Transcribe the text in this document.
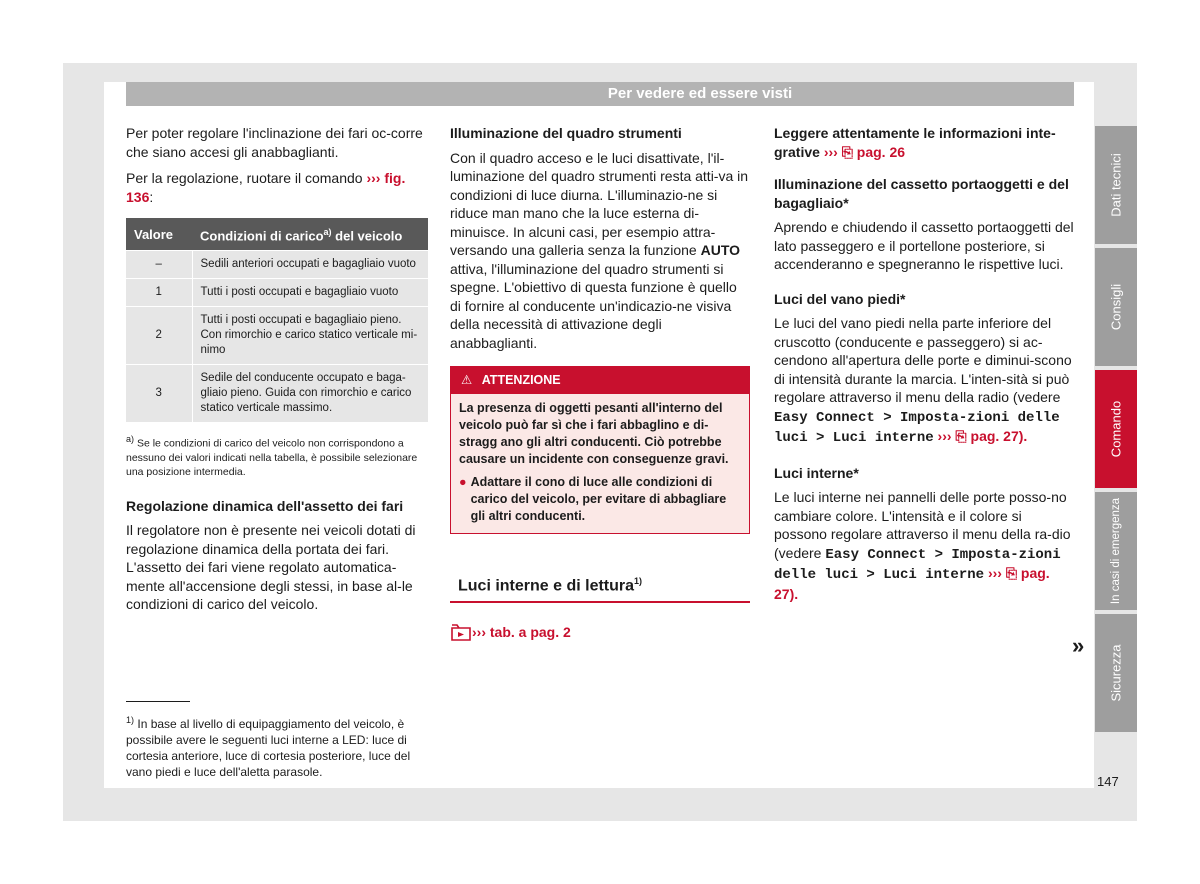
Per vedere ed essere visti

Per poter regolare l'inclinazione dei fari oc-corre che siano accesi gli anabbaglianti.

Per la regolazione, ruotare il comando ››› fig. 136:

Valore	Condizioni di carico$^{a)}$ del veicolo
–	Sedili anteriori occupati e bagagliaio vuoto
1	Tutti i posti occupati e bagagliaio vuoto
2	Tutti i posti occupati e bagagliaio pieno. Con rimorchio e carico statico verticale mi-nimo
3	Sedile del conducente occupato e baga-gliaio pieno. Guida con rimorchio e carico statico verticale massimo.

$^{a)}$ Se le condizioni di carico del veicolo non corrispondono a nessuno dei valori indicati nella tabella, è possibile selezionare una posizione intermedia.

Regolazione dinamica dell'assetto dei fari

Il regolatore non è presente nei veicoli dotati di regolazione dinamica della portata dei fari. L'assetto dei fari viene regolato automatica-mente all'accensione degli stessi, in base al-le condizioni di carico del veicolo.

$^{1)}$ In base al livello di equipaggiamento del veicolo, è possibile avere le seguenti luci interne a LED: luce di cortesia anteriore, luce di cortesia posteriore, luce del vano piedi e luce dell'aletta parasole.

Illuminazione del quadro strumenti

Con il quadro acceso e le luci disattivate, l'il-luminazione del quadro strumenti resta atti-va in condizioni di luce diurna. L'illuminazio-ne si riduce man mano che la luce esterna di-minuisce. In alcuni casi, per esempio attra-versando una galleria senza la funzione AUTO attiva, l'illuminazione del quadro strumenti si spegne. L'obiettivo di questa funzione è quello di fornire al conducente un'indicazio-ne visiva della necessità di attivazione degli anabbaglianti.

⚠ ATTENZIONE
La presenza di oggetti pesanti all'interno del veicolo può far sì che i fari abbaglino e di-stragg ano gli altri conducenti. Ciò potrebbe causare un incidente con conseguenze gravi.
● Adattare il cono di luce alle condizioni di carico del veicolo, per evitare di abbagliare gli altri conducenti.
Luci interne e di lettura$^{1)}$
››› tab. a pag. 2

Leggere attentamente le informazioni inte-grative ››› ⎘ pag. 26

Illuminazione del cassetto portaoggetti e del bagagliaio*

Aprendo e chiudendo il cassetto portaoggetti del lato passeggero e il portellone posteriore, si accenderanno e spegneranno le rispettive luci.

Luci del vano piedi*

Le luci del vano piedi nella parte inferiore del cruscotto (conducente e passeggero) si ac-cendono all'apertura delle porte e diminui-scono di intensità durante la marcia. L'inten-sità si può regolare attraverso il menu della radio (vedere Easy Connect > Imposta-zioni delle luci > Luci interne ››› ⎘ pag. 27).

Luci interne*

Le luci interne nei pannelli delle porte posso-no cambiare colore. L'intensità e il colore si possono regolare attraverso il menu della ra-dio (vedere Easy Connect > Imposta-zioni delle luci > Luci interne ››› ⎘ pag. 27).

»
Dati tecnici
Consigli
Comando
In casi di emergenza
Sicurezza
147
